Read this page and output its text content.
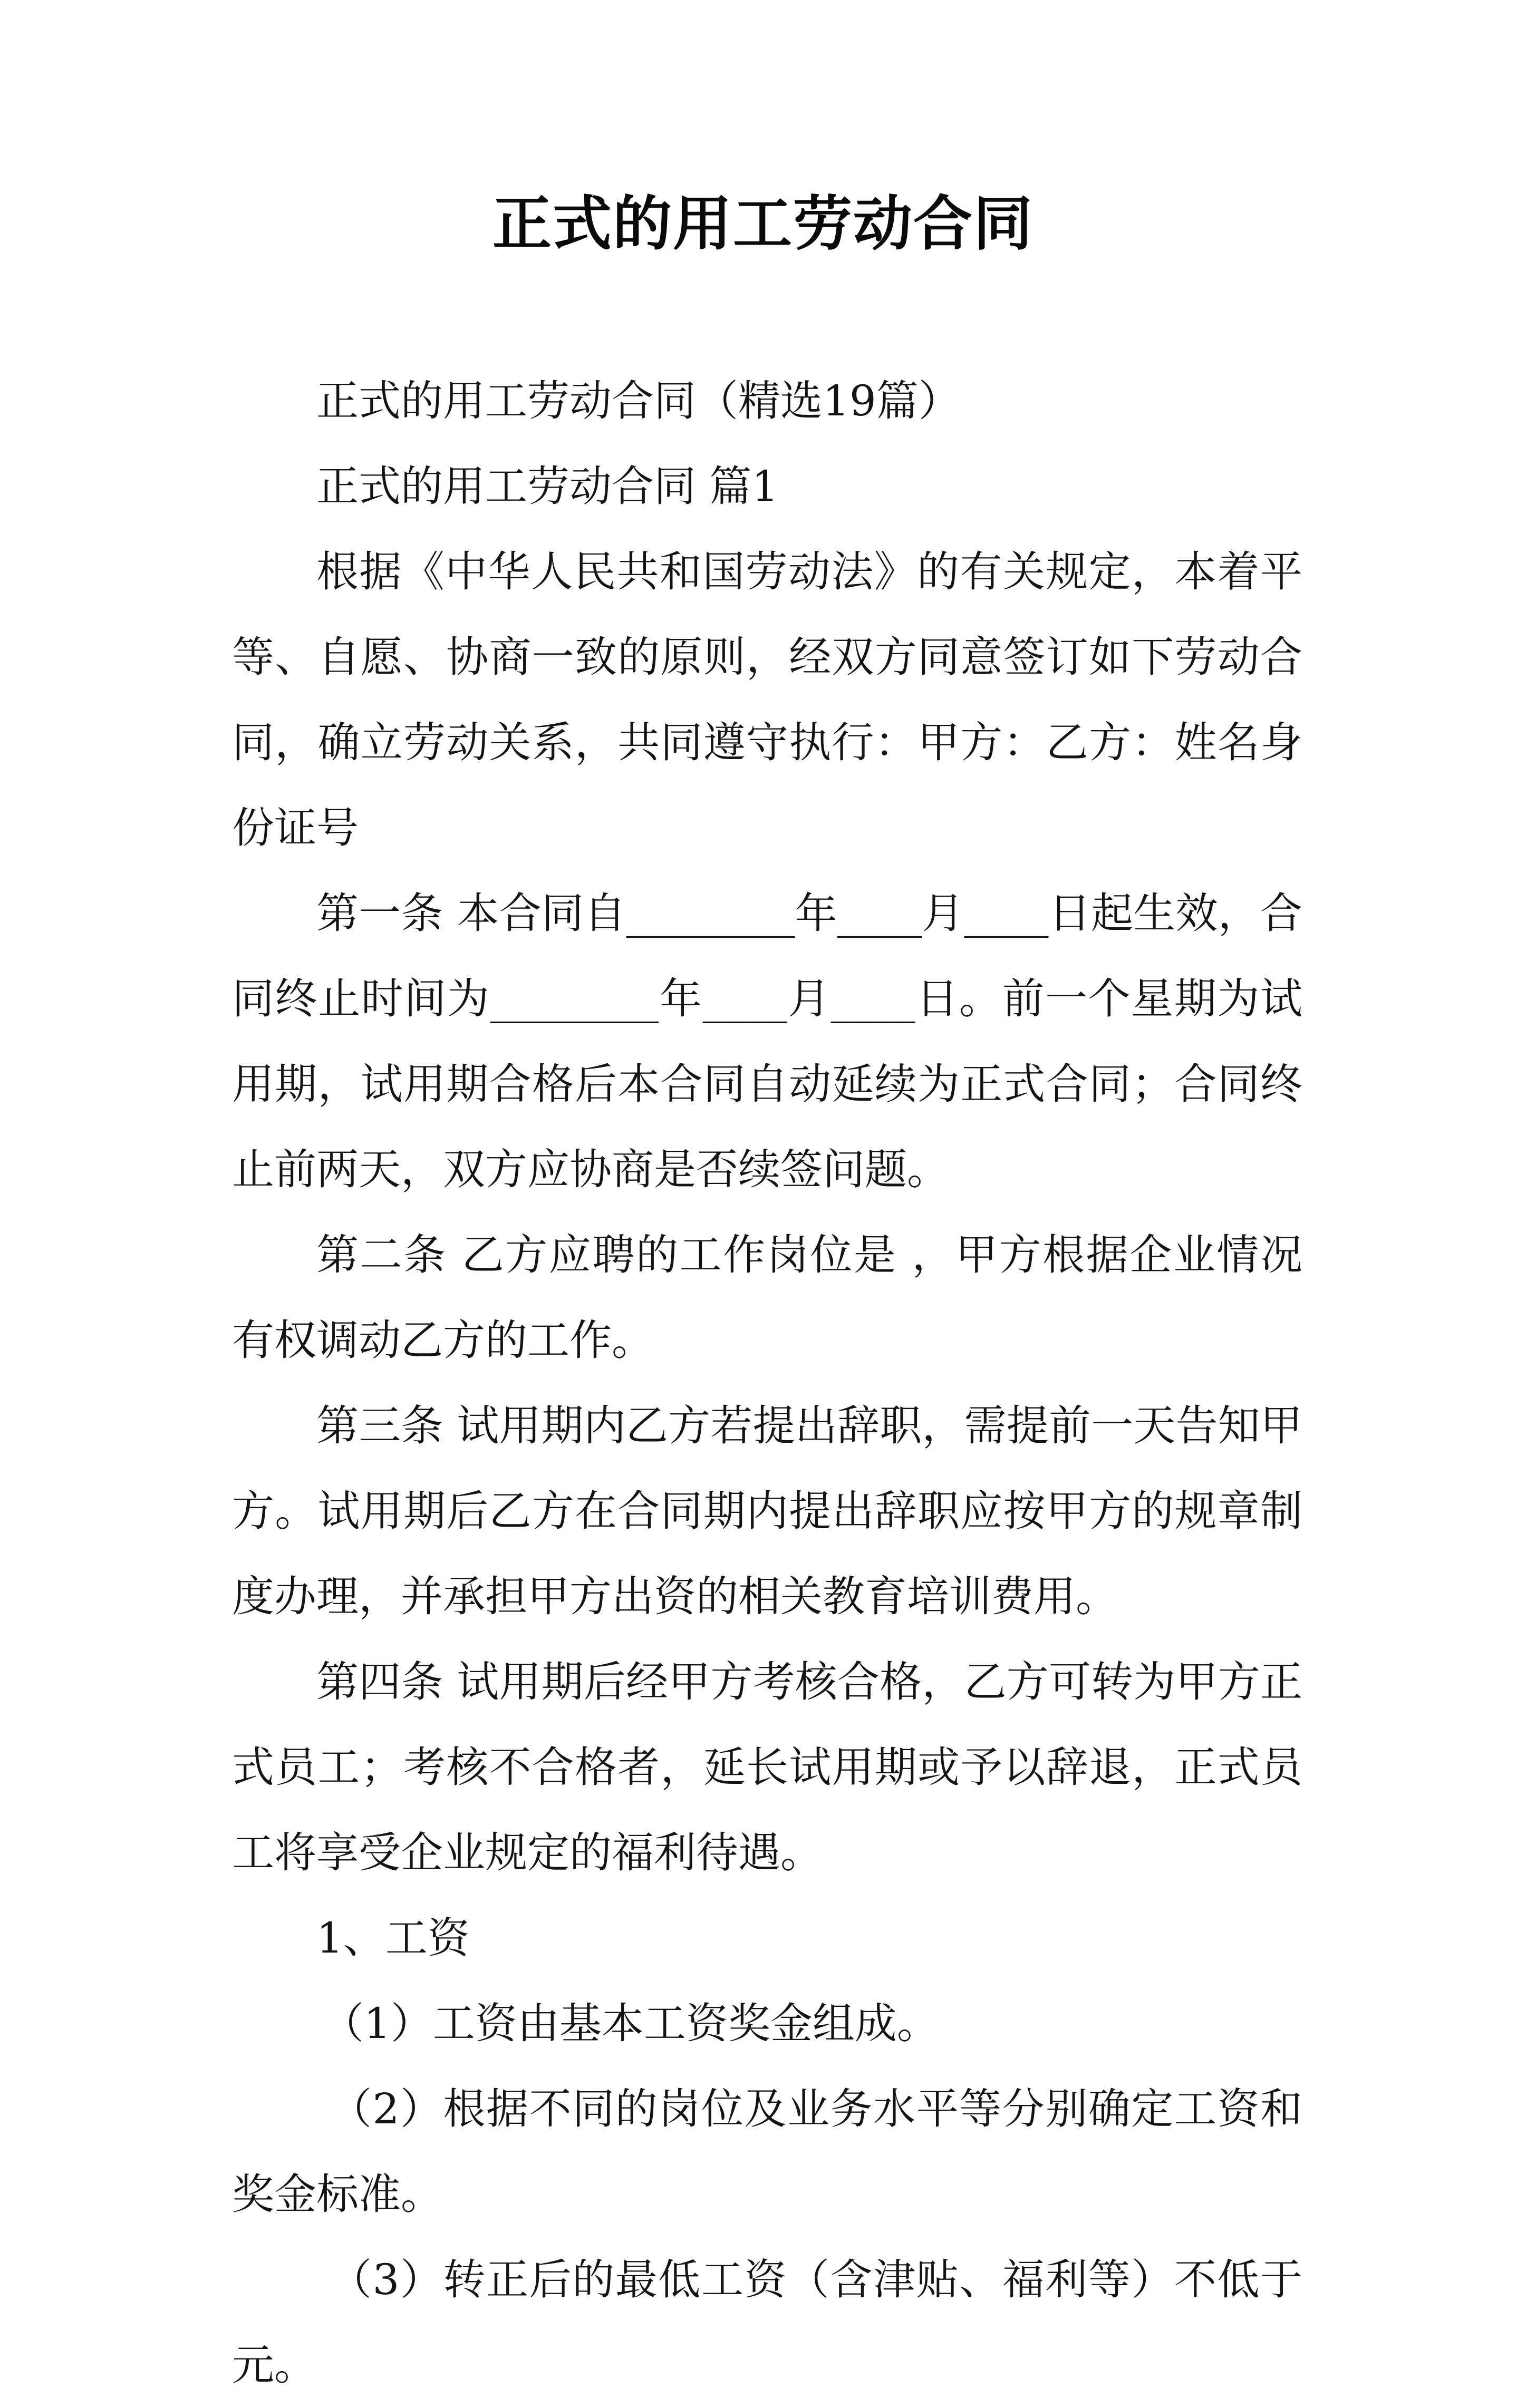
正式的用工劳动合同

正式的用工劳动合同（精选19篇）

正式的用工劳动合同 篇1

根据《中华人民共和国劳动法》的有关规定，本着平等、自愿、协商一致的原则，经双方同意签订如下劳动合同，确立劳动关系，共同遵守执行：甲方：乙方：姓名身份证号

第一条 本合同自________年____月____日起生效，合同终止时间为________年____月____日。前一个星期为试用期，试用期合格后本合同自动延续为正式合同；合同终止前两天，双方应协商是否续签问题。

第二条 乙方应聘的工作岗位是 ，甲方根据企业情况有权调动乙方的工作。

第三条 试用期内乙方若提出辞职，需提前一天告知甲方。试用期后乙方在合同期内提出辞职应按甲方的规章制度办理，并承担甲方出资的相关教育培训费用。

第四条 试用期后经甲方考核合格，乙方可转为甲方正式员工；考核不合格者，延长试用期或予以辞退，正式员工将享受企业规定的福利待遇。

1、工资

（1）工资由基本工资奖金组成。

（2）根据不同的岗位及业务水平等分别确定工资和奖金标准。

（3）转正后的最低工资（含津贴、福利等）不低于 元。
